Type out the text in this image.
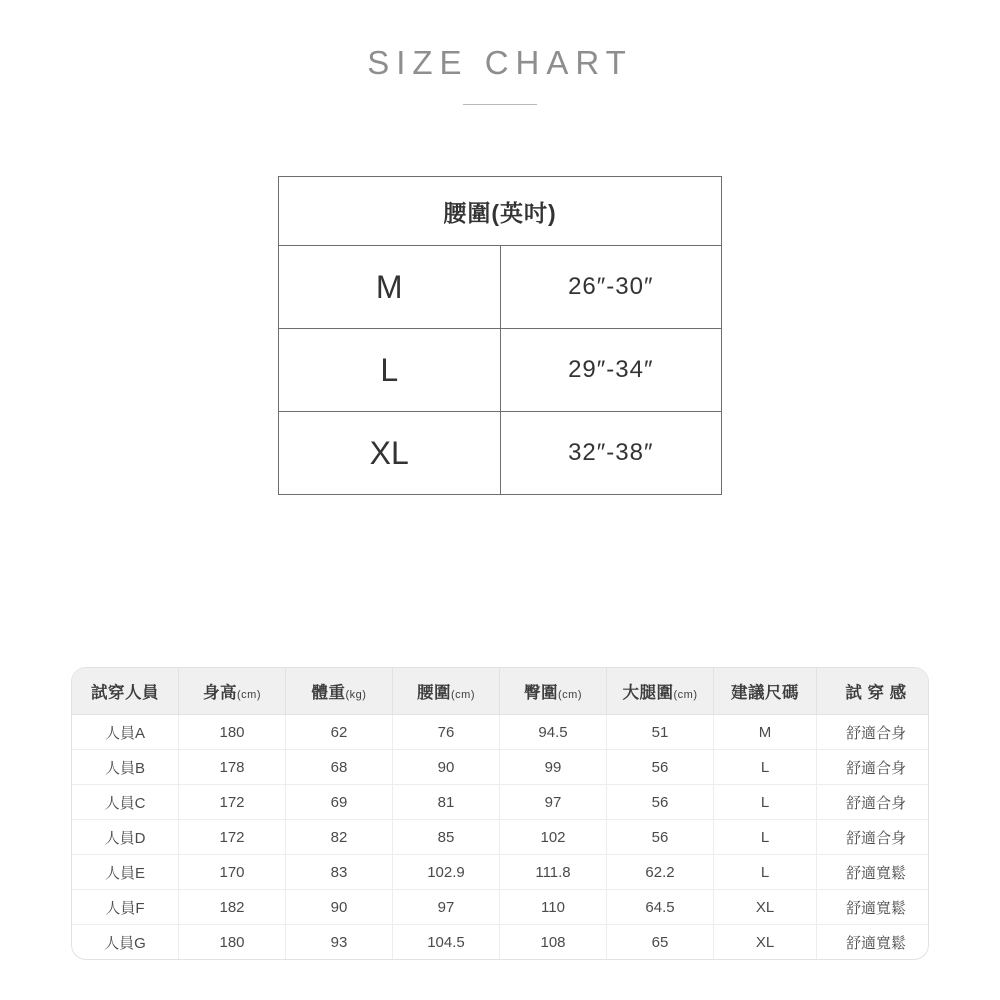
SIZE CHART
腰圍(英吋)	
M	26″-30″
L	29″-34″
XL	32″-38″
試穿人員	身高(cm)	體重(kg)	腰圍(cm)	臀圍(cm)	大腿圍(cm)	建議尺碼	試 穿 感
人員A	180	62	76	94.5	51	M	舒適合身
人員B	178	68	90	99	56	L	舒適合身
人員C	172	69	81	97	56	L	舒適合身
人員D	172	82	85	102	56	L	舒適合身
人員E	170	83	102.9	111.8	62.2	L	舒適寬鬆
人員F	182	90	97	110	64.5	XL	舒適寬鬆
人員G	180	93	104.5	108	65	XL	舒適寬鬆
